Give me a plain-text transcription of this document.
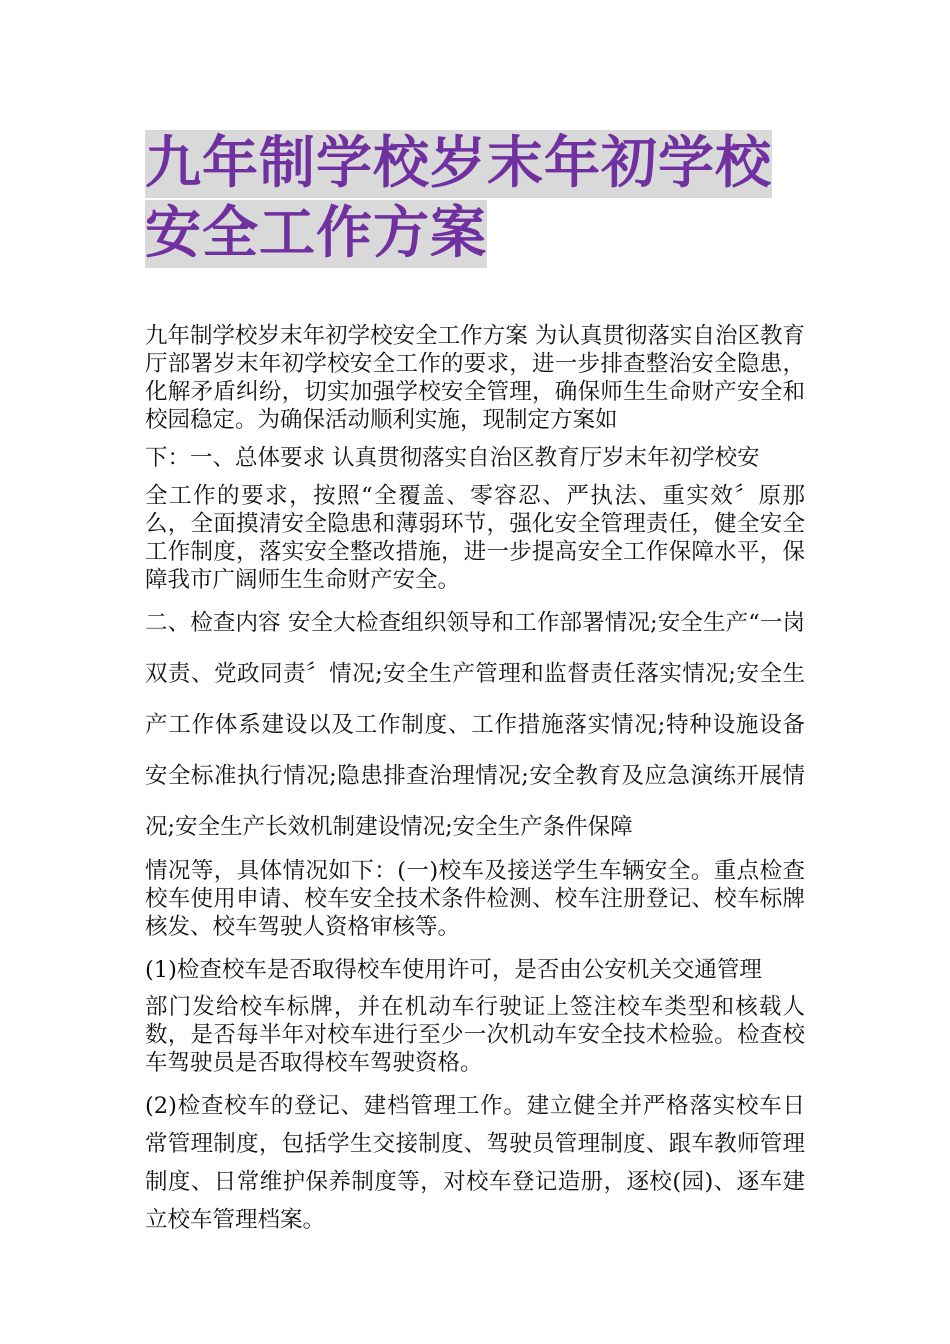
九年制学校岁末年初学校
安全工作方案

九年制学校岁末年初学校安全工作方案 为认真贯彻落实自治区教育厅部署岁末年初学校安全工作的要求，进一步排查整治安全隐患，化解矛盾纠纷，切实加强学校安全管理，确保师生生命财产安全和校园稳定。为确保活动顺利实施，现制定方案如

下：一、总体要求 认真贯彻落实自治区教育厅岁末年初学校安

全工作的要求，按照“全覆盖、零容忍、严执法、重实效〞原那么，全面摸清安全隐患和薄弱环节，强化安全管理责任，健全安全工作制度，落实安全整改措施，进一步提高安全工作保障水平，保障我市广阔师生生命财产安全。

二、检查内容 安全大检查组织领导和工作部署情况;安全生产“一岗双责、党政同责〞情况;安全生产管理和监督责任落实情况;安全生产工作体系建设以及工作制度、工作措施落实情况;特种设施设备安全标准执行情况;隐患排查治理情况;安全教育及应急演练开展情况;安全生产长效机制建设情况;安全生产条件保障

情况等，具体情况如下：(一)校车及接送学生车辆安全。重点检查校车使用申请、校车安全技术条件检测、校车注册登记、校车标牌核发、校车驾驶人资格审核等。

(1)检查校车是否取得校车使用许可，是否由公安机关交通管理

部门发给校车标牌，并在机动车行驶证上签注校车类型和核载人数，是否每半年对校车进行至少一次机动车安全技术检验。检查校车驾驶员是否取得校车驾驶资格。

(2)检查校车的登记、建档管理工作。建立健全并严格落实校车日常管理制度，包括学生交接制度、驾驶员管理制度、跟车教师管理制度、日常维护保养制度等，对校车登记造册，逐校(园)、逐车建立校车管理档案。
